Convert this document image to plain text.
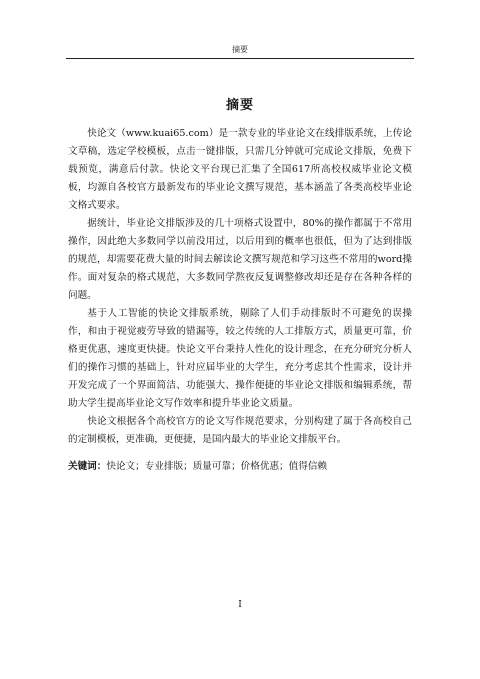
摘要
摘要

快论文（www.kuai65.com）是一款专业的毕业论文在线排版系统，上传论文草稿，选定学校模板，点击一键排版，只需几分钟就可完成论文排版，免费下载预览，满意后付款。快论文平台现已汇集了全国617所高校权威毕业论文模板，均源自各校官方最新发布的毕业论文撰写规范，基本涵盖了各类高校毕业论文格式要求。

据统计，毕业论文排版涉及的几十项格式设置中，80%的操作都属于不常用操作，因此绝大多数同学以前没用过，以后用到的概率也很低，但为了达到排版的规范，却需要花费大量的时间去解读论文撰写规范和学习这些不常用的word操作。面对复杂的格式规范，大多数同学熬夜反复调整修改却还是存在各种各样的问题。

基于人工智能的快论文排版系统，剔除了人们手动排版时不可避免的误操作，和由于视觉疲劳导致的错漏等，较之传统的人工排版方式，质量更可靠，价格更优惠，速度更快捷。快论文平台秉持人性化的设计理念，在充分研究分析人们的操作习惯的基础上，针对应届毕业的大学生，充分考虑其个性需求，设计并开发完成了一个界面简洁、功能强大、操作便捷的毕业论文排版和编辑系统，帮助大学生提高毕业论文写作效率和提升毕业论文质量。

快论文根据各个高校官方的论文写作规范要求，分别构建了属于各高校自己的定制模板，更准确，更便捷，是国内最大的毕业论文排版平台。

关键词：快论文；专业排版；质量可靠；价格优惠；值得信赖

I
